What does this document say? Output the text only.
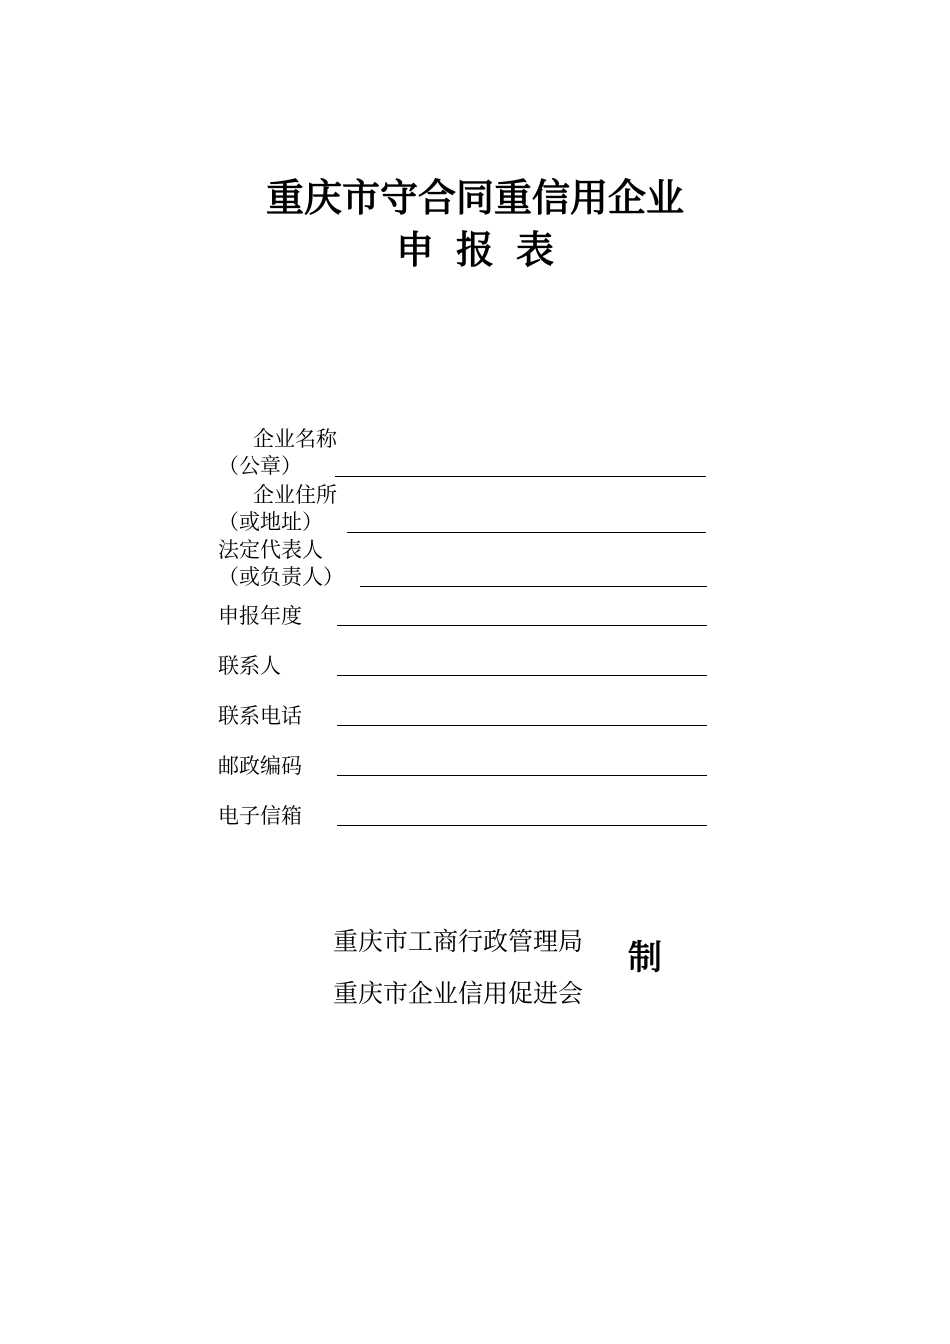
重庆市守合同重信用企业
申报表
企业名称
（公章）
企业住所
（或地址）
法定代表人
（或负责人）
申报年度
联系人
联系电话
邮政编码
电子信箱
重庆市工商行政管理局
重庆市企业信用促进会
制
